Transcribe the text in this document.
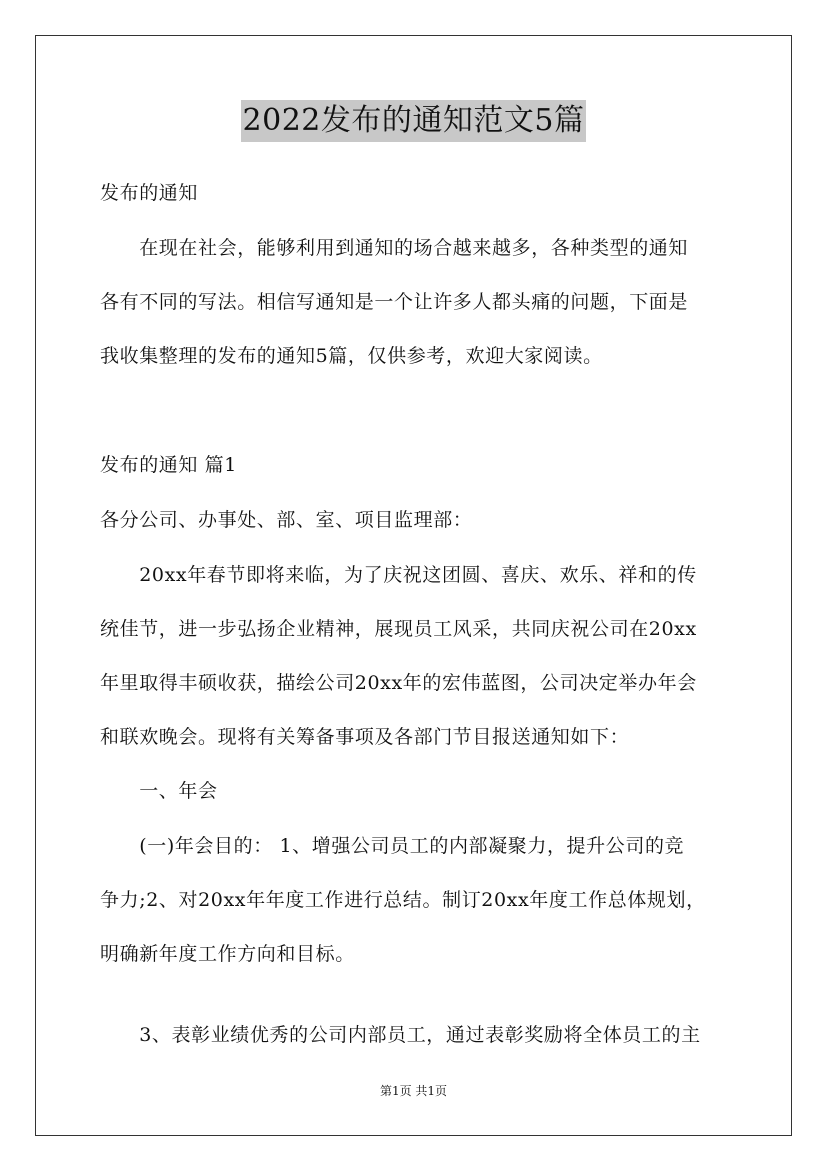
2022发布的通知范文5篇
发布的通知
　　在现在社会，能够利用到通知的场合越来越多，各种类型的通知
各有不同的写法。相信写通知是一个让许多人都头痛的问题，下面是
我收集整理的发布的通知5篇，仅供参考，欢迎大家阅读。
发布的通知 篇1
各分公司、办事处、部、室、项目监理部：
　　20xx年春节即将来临，为了庆祝这团圆、喜庆、欢乐、祥和的传
统佳节，进一步弘扬企业精神，展现员工风采，共同庆祝公司在20xx
年里取得丰硕收获，描绘公司20xx年的宏伟蓝图，公司决定举办年会
和联欢晚会。现将有关筹备事项及各部门节目报送通知如下：
　　一、年会
　　(一)年会目的： 1、增强公司员工的内部凝聚力，提升公司的竞
争力;2、对20xx年年度工作进行总结。制订20xx年度工作总体规划，
明确新年度工作方向和目标。
　　3、表彰业绩优秀的公司内部员工，通过表彰奖励将全体员工的主
第1页 共1页
